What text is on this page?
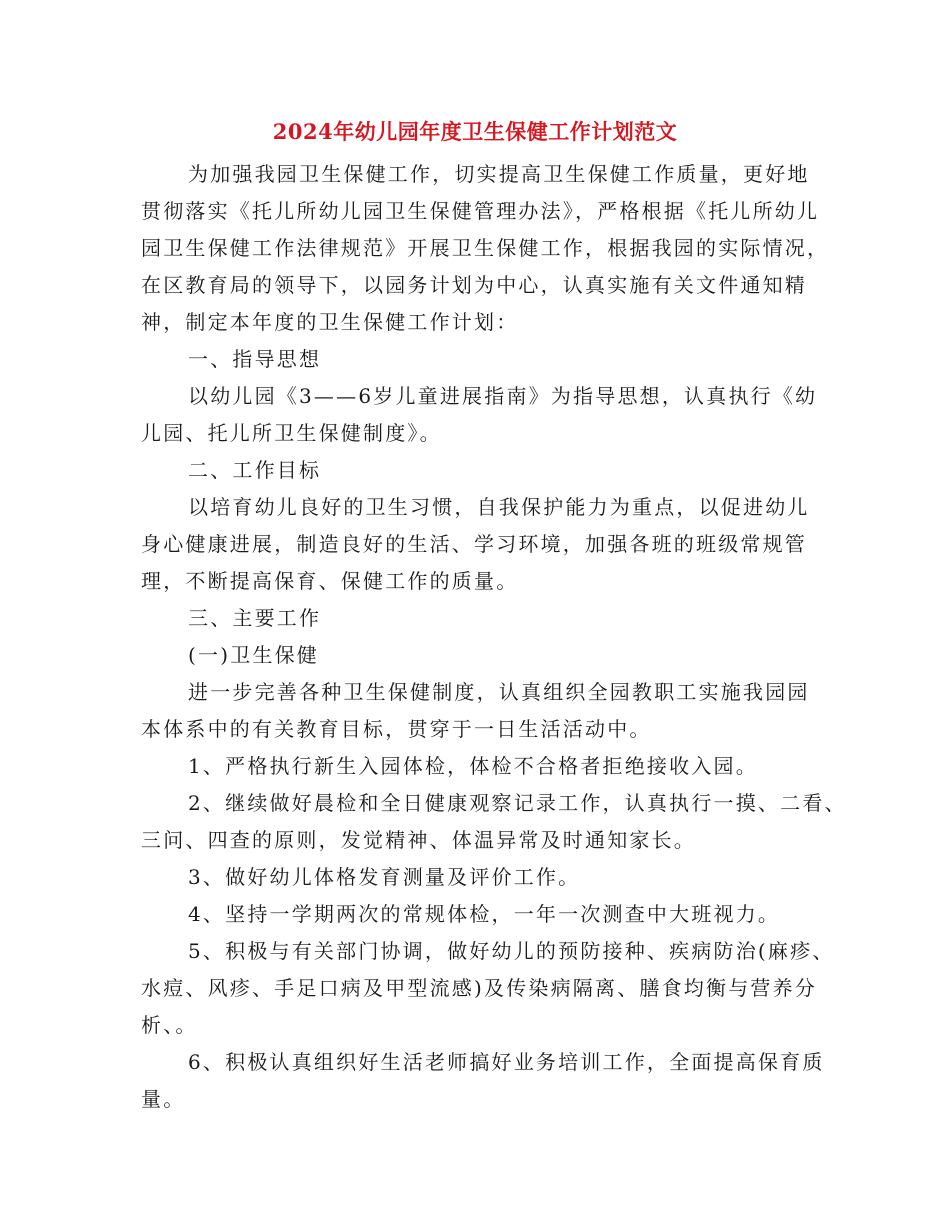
2024年幼儿园年度卫生保健工作计划范文
为加强我园卫生保健工作，切实提高卫生保健工作质量，更好地
贯彻落实《托儿所幼儿园卫生保健管理办法》，严格根据《托儿所幼儿
园卫生保健工作法律规范》开展卫生保健工作，根据我园的实际情况，
在区教育局的领导下，以园务计划为中心，认真实施有关文件通知精
神，制定本年度的卫生保健工作计划：
一、指导思想
以幼儿园《3——6岁儿童进展指南》为指导思想，认真执行《幼
儿园、托儿所卫生保健制度》。
二、工作目标
以培育幼儿良好的卫生习惯，自我保护能力为重点，以促进幼儿
身心健康进展，制造良好的生活、学习环境，加强各班的班级常规管
理，不断提高保育、保健工作的质量。
三、主要工作
(一)卫生保健
进一步完善各种卫生保健制度，认真组织全园教职工实施我园园
本体系中的有关教育目标，贯穿于一日生活活动中。
1、严格执行新生入园体检，体检不合格者拒绝接收入园。
2、继续做好晨检和全日健康观察记录工作，认真执行一摸、二看、
三问、四查的原则，发觉精神、体温异常及时通知家长。
3、做好幼儿体格发育测量及评价工作。
4、坚持一学期两次的常规体检，一年一次测查中大班视力。
5、积极与有关部门协调，做好幼儿的预防接种、疾病防治(麻疹、
水痘、风疹、手足口病及甲型流感)及传染病隔离、膳食均衡与营养分
析、。
6、积极认真组织好生活老师搞好业务培训工作，全面提高保育质
量。
